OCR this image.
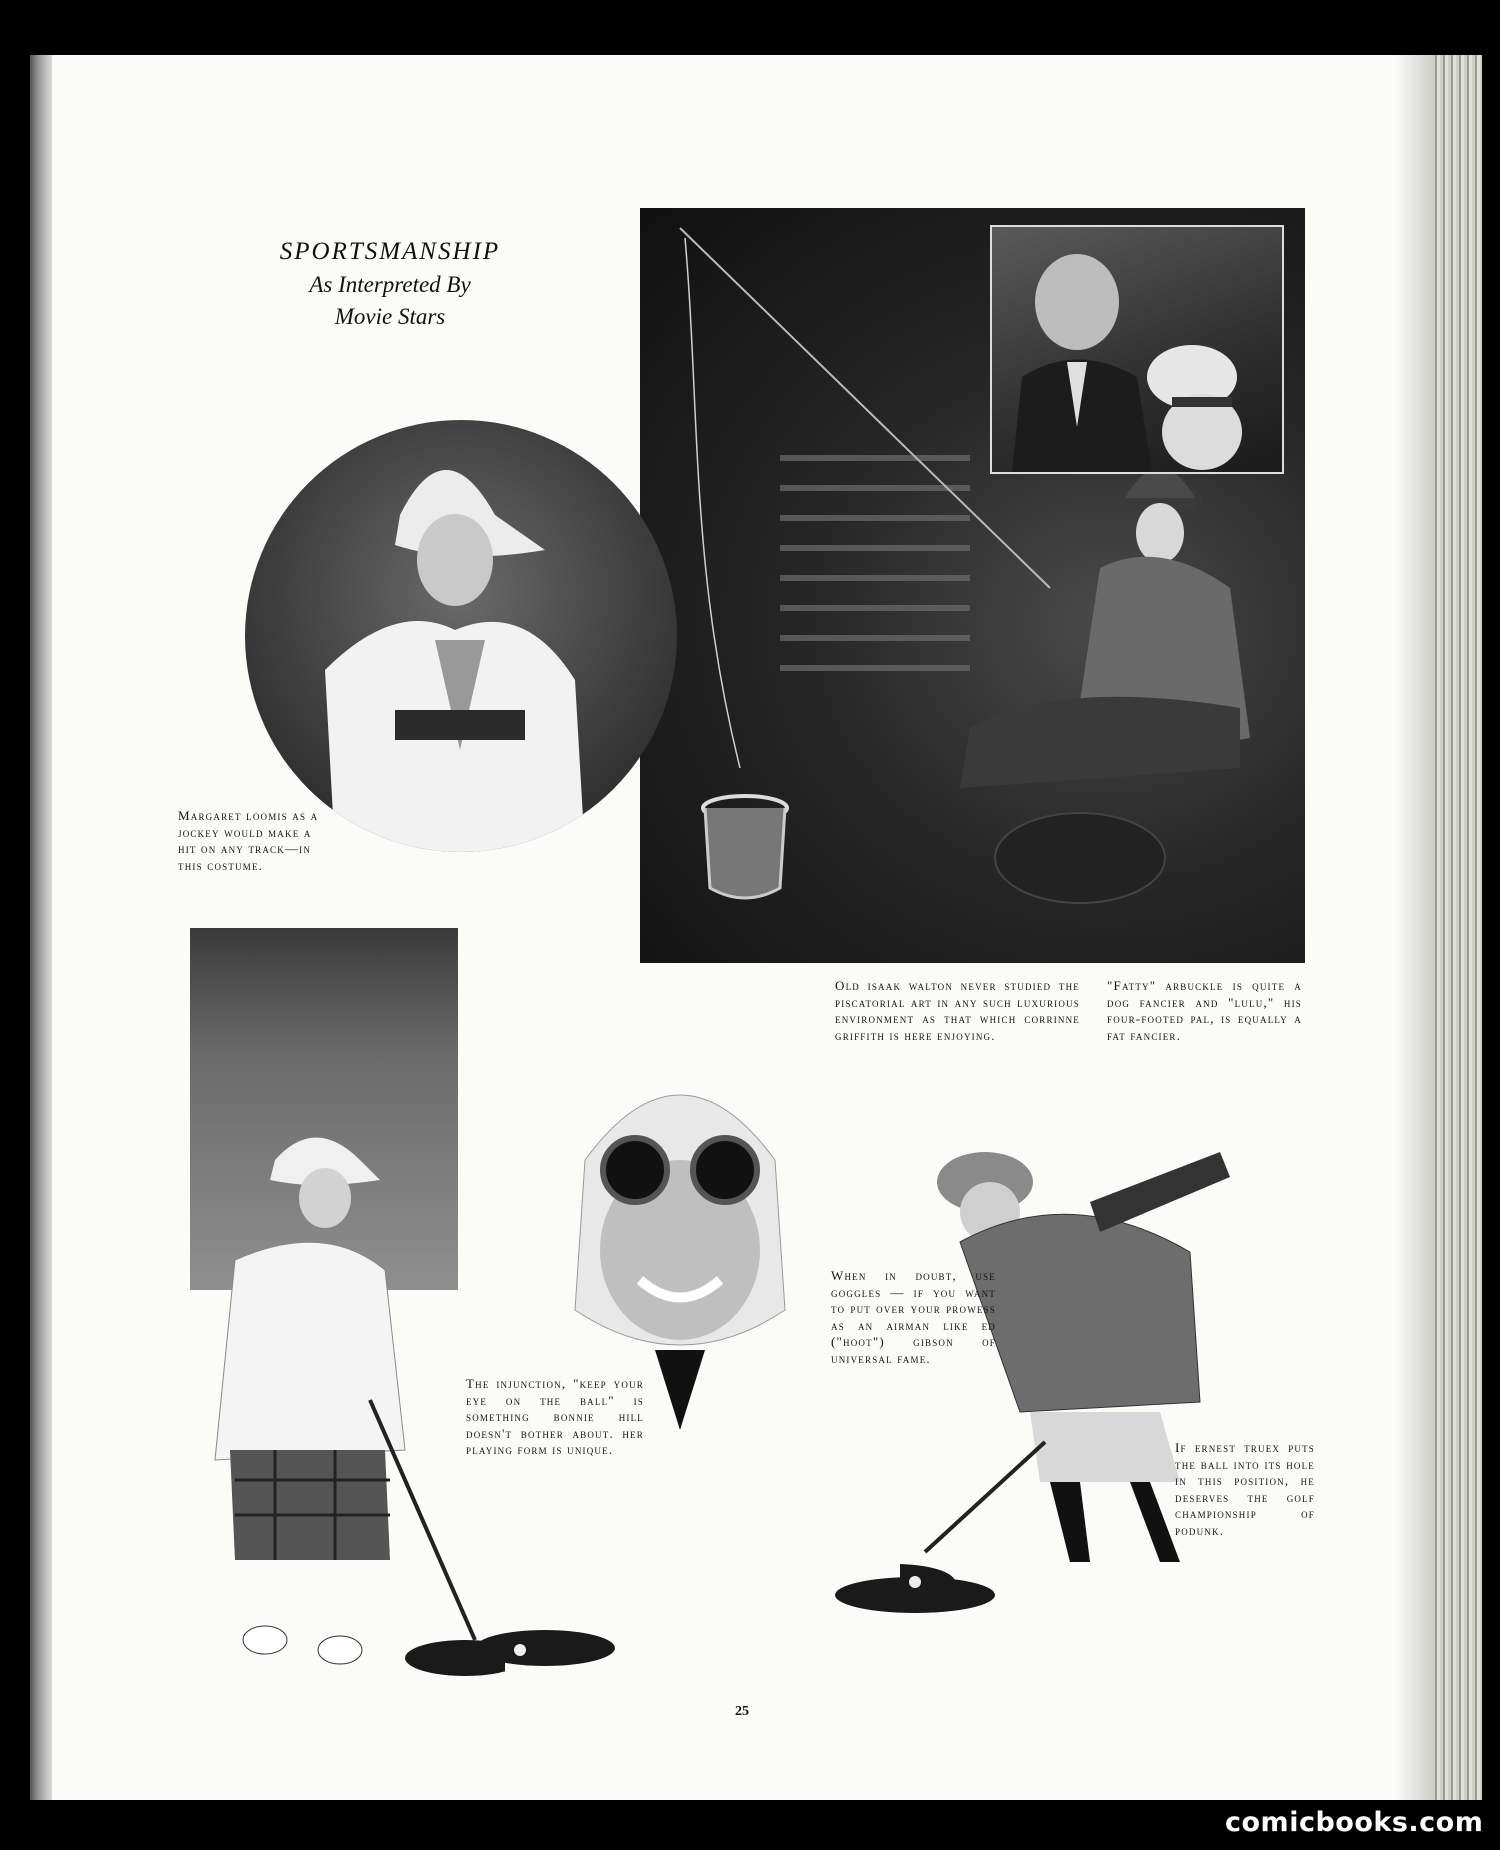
SPORTSMANSHIP
As Interpreted By
Movie Stars
Margaret loomis as a jockey would make a hit on any track—in this costume.
Old isaak walton never studied the piscatorial art in any such luxurious environment as that which corrinne griffith is here enjoying.
"Fatty" arbuckle is quite a dog fancier and "lulu," his four-footed pal, is equally a fat fancier.
When in doubt, use goggles — if you want to put over your prowess as an airman like ed ("hoot") gibson of universal fame.
The injunction, "keep your eye on the ball" is something bonnie hill doesn't bother about. her playing form is unique.	if ernest truex puts the ball into its hole in this position, he deserves the golf championship of podunk.
25
comicbooks.com
